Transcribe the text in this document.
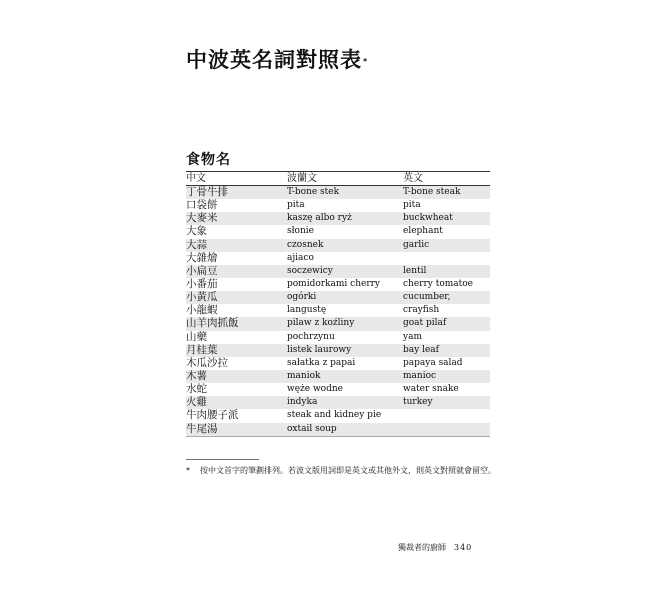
中波英名詞對照表*
食物名
中文	波蘭文	英文
丁骨牛排	T-bone stek	T-bone steak
口袋餅	pita	pita
大麥米	kaszę albo ryż	buckwheat
大象	słonie	elephant
大蒜	czosnek	garlic
大雜燴	ajiaco
小扁豆	soczewicy	lentil
小番茄	pomidorkami cherry	cherry tomatoe
小黃瓜	ogórki	cucumber,
小龍蝦	langustę	crayfish
山羊肉抓飯	pilaw z koźliny	goat pilaf
山藥	pochrzynu	yam
月桂葉	listek laurowy	bay leaf
木瓜沙拉	sałatka z papai	papaya salad
木薯	maniok	manioc
水蛇	węże wodne	water snake
火雞	indyka	turkey
牛肉腰子派	steak and kidney pie
牛尾湯	oxtail soup
* 按中文首字的筆劃排列。若波文版用詞即是英文或其他外文，則英文對照就會留空。
獨裁者的廚師 340
